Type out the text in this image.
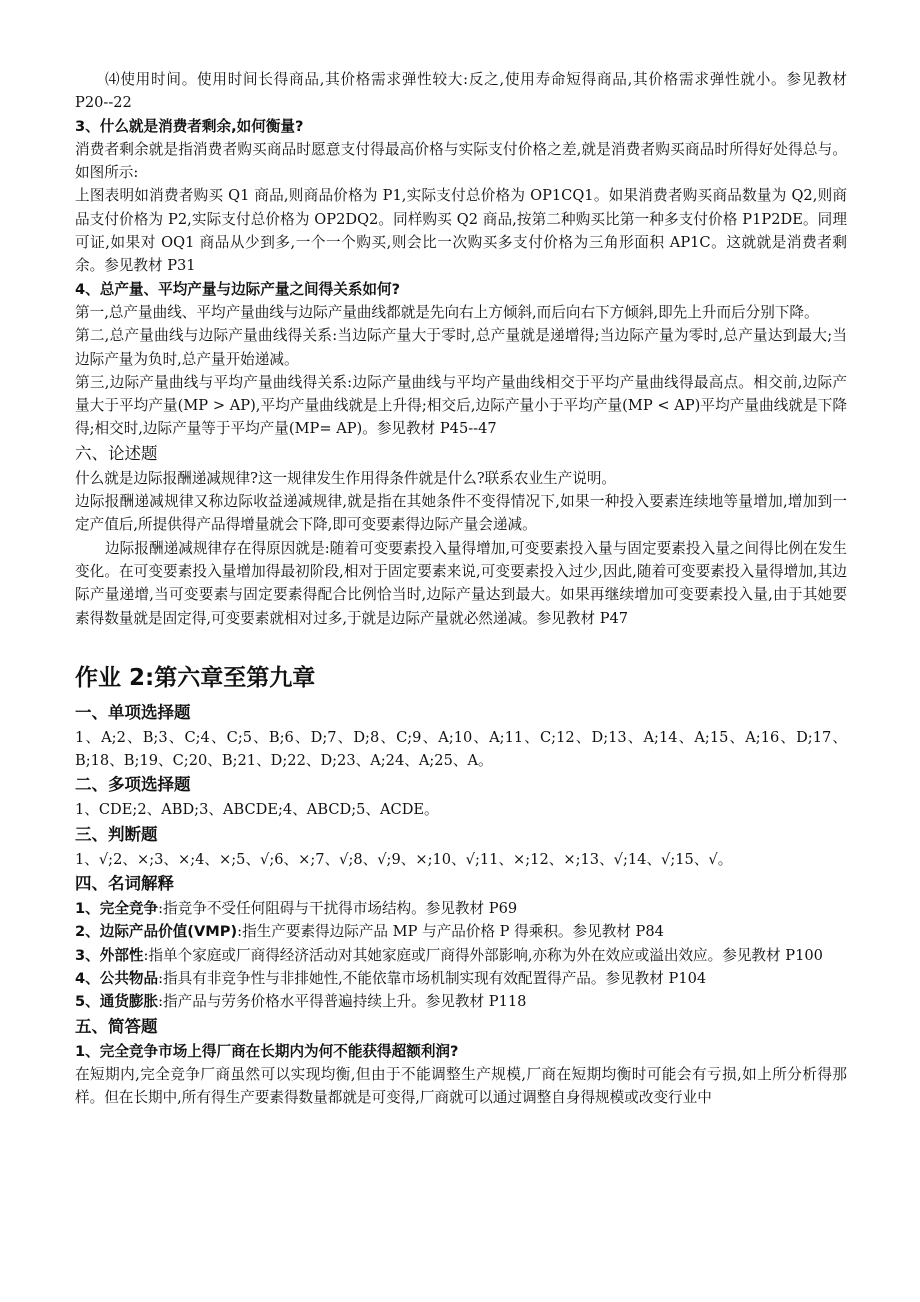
⑷使用时间。使用时间长得商品,其价格需求弹性较大:反之,使用寿命短得商品,其价格需求弹性就小。参见教材 P20--22

3、什么就是消费者剩余,如何衡量?

消费者剩余就是指消费者购买商品时愿意支付得最高价格与实际支付价格之差,就是消费者购买商品时所得好处得总与。如图所示:

上图表明如消费者购买 Q1 商品,则商品价格为 P1,实际支付总价格为 OP1CQ1。如果消费者购买商品数量为 Q2,则商品支付价格为 P2,实际支付总价格为 OP2DQ2。同样购买 Q2 商品,按第二种购买比第一种多支付价格 P1P2DE。同理可证,如果对 OQ1 商品从少到多,一个一个购买,则会比一次购买多支付价格为三角形面积 AP1C。这就就是消费者剩余。参见教材 P31

4、总产量、平均产量与边际产量之间得关系如何?

第一,总产量曲线、平均产量曲线与边际产量曲线都就是先向右上方倾斜,而后向右下方倾斜,即先上升而后分别下降。

第二,总产量曲线与边际产量曲线得关系:当边际产量大于零时,总产量就是递增得;当边际产量为零时,总产量达到最大;当边际产量为负时,总产量开始递减。

第三,边际产量曲线与平均产量曲线得关系:边际产量曲线与平均产量曲线相交于平均产量曲线得最高点。相交前,边际产量大于平均产量(MP > AP),平均产量曲线就是上升得;相交后,边际产量小于平均产量(MP < AP)平均产量曲线就是下降得;相交时,边际产量等于平均产量(MP= AP)。参见教材 P45--47

六、论述题

什么就是边际报酬递减规律?这一规律发生作用得条件就是什么?联系农业生产说明。

边际报酬递减规律又称边际收益递减规律,就是指在其她条件不变得情况下,如果一种投入要素连续地等量增加,增加到一定产值后,所提供得产品得增量就会下降,即可变要素得边际产量会递减。

边际报酬递减规律存在得原因就是:随着可变要素投入量得增加,可变要素投入量与固定要素投入量之间得比例在发生变化。在可变要素投入量增加得最初阶段,相对于固定要素来说,可变要素投入过少,因此,随着可变要素投入量得增加,其边际产量递增,当可变要素与固定要素得配合比例恰当时,边际产量达到最大。如果再继续增加可变要素投入量,由于其她要素得数量就是固定得,可变要素就相对过多,于就是边际产量就必然递减。参见教材 P47

作业 2:第六章至第九章

一、单项选择题

1、A;2、B;3、C;4、C;5、B;6、D;7、D;8、C;9、A;10、A;11、C;12、D;13、A;14、A;15、A;16、D;17、B;18、B;19、C;20、B;21、D;22、D;23、A;24、A;25、A。

二、多项选择题

1、CDE;2、ABD;3、ABCDE;4、ABCD;5、ACDE。

三、判断题

1、√;2、×;3、×;4、×;5、√;6、×;7、√;8、√;9、×;10、√;11、×;12、×;13、√;14、√;15、√。

四、名词解释

1、完全竞争:指竞争不受任何阻碍与干扰得市场结构。参见教材 P69

2、边际产品价值(VMP):指生产要素得边际产品 MP 与产品价格 P 得乘积。参见教材 P84

3、外部性:指单个家庭或厂商得经济活动对其她家庭或厂商得外部影响,亦称为外在效应或溢出效应。参见教材 P100

4、公共物品:指具有非竞争性与非排她性,不能依靠市场机制实现有效配置得产品。参见教材 P104

5、通货膨胀:指产品与劳务价格水平得普遍持续上升。参见教材 P118

五、简答题

1、完全竞争市场上得厂商在长期内为何不能获得超额利润?

在短期内,完全竞争厂商虽然可以实现均衡,但由于不能调整生产规模,厂商在短期均衡时可能会有亏损,如上所分析得那样。但在长期中,所有得生产要素得数量都就是可变得,厂商就可以通过调整自身得规模或改变行业中
